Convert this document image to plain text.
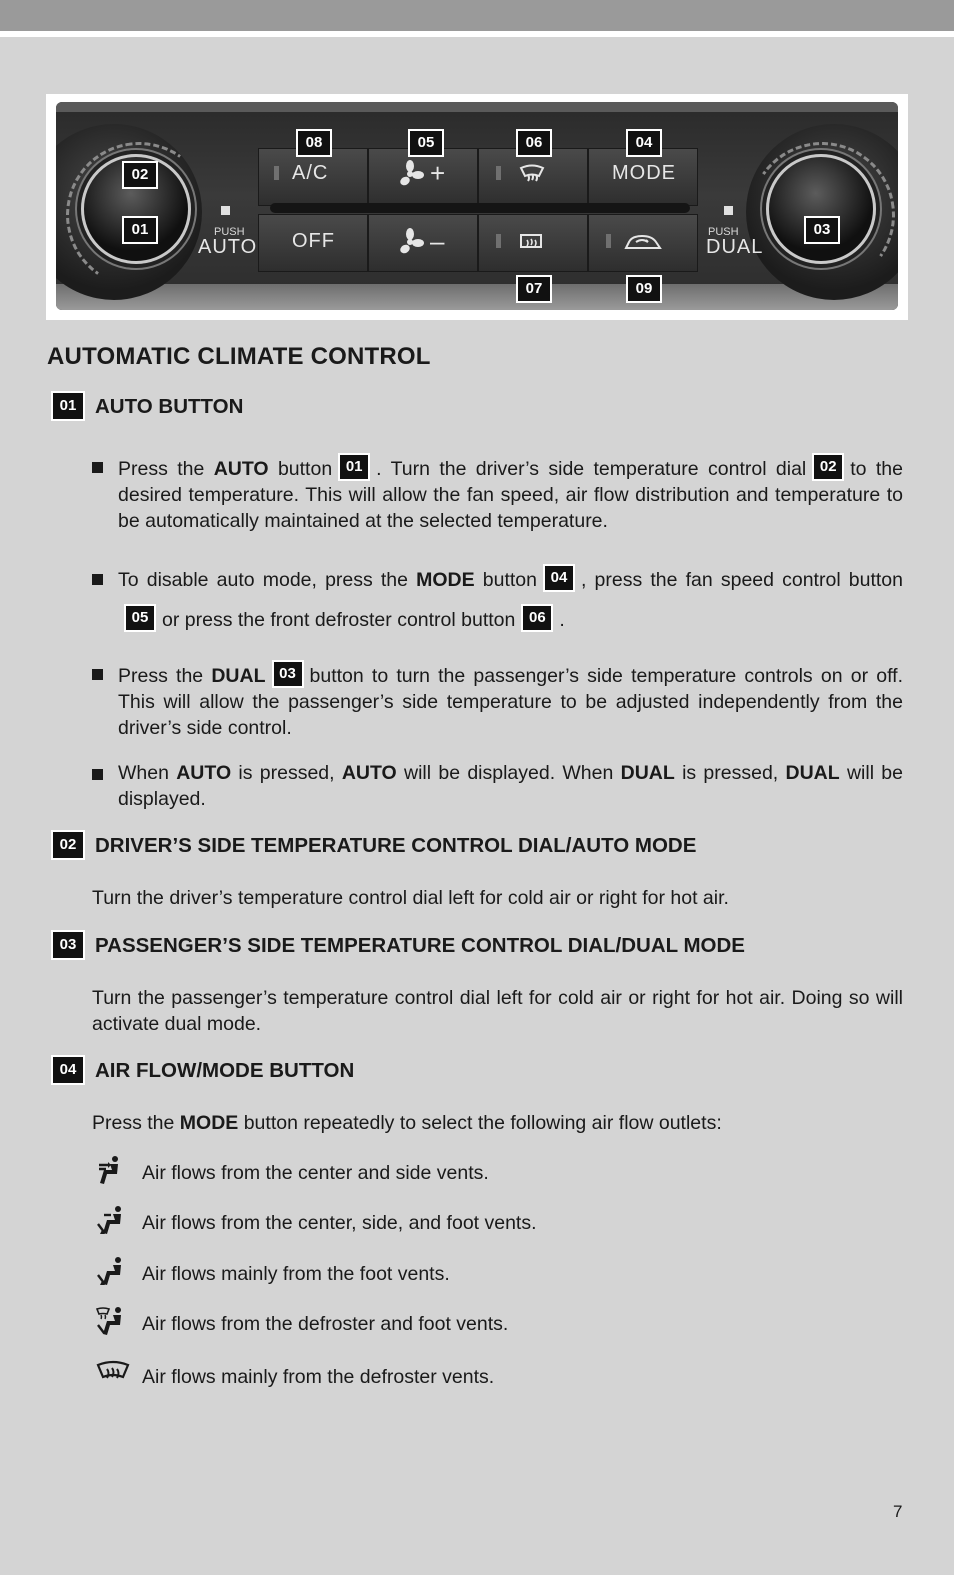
A/C	+	MODE
OFF	–
PUSH
AUTO
PUSH
DUAL
08	05	06	04
02
01	03
07	09
AUTOMATIC CLIMATE CONTROL
01 AUTO BUTTON
Press the AUTO button 01 . Turn the driver’s side temperature control dial 02 to the desired temperature. This will allow the fan speed, air flow distribution and temperature to be automatically maintained at the selected temperature.
To disable auto mode, press the MODE button 04 , press the fan speed control button05 or press the front defroster control button 06 .
Press the DUAL 03 button to turn the passenger’s side temperature controls on or off. This will allow the passenger’s side temperature to be adjusted independently from the driver’s side control.
When AUTO is pressed, AUTO will be displayed. When DUAL is pressed, DUAL will be displayed.
02 DRIVER’S SIDE TEMPERATURE CONTROL DIAL/AUTO MODE

Turn the driver’s temperature control dial left for cold air or right for hot air.

03 PASSENGER’S SIDE TEMPERATURE CONTROL DIAL/DUAL MODE

Turn the passenger’s temperature control dial left for cold air or right for hot air. Doing so will activate dual mode.

04 AIR FLOW/MODE BUTTON

Press the MODE button repeatedly to select the following air flow outlets:

Air flows from the center and side vents.
Air flows from the center, side, and foot vents.
Air flows mainly from the foot vents.
Air flows from the defroster and foot vents.
Air flows mainly from the defroster vents.
7
